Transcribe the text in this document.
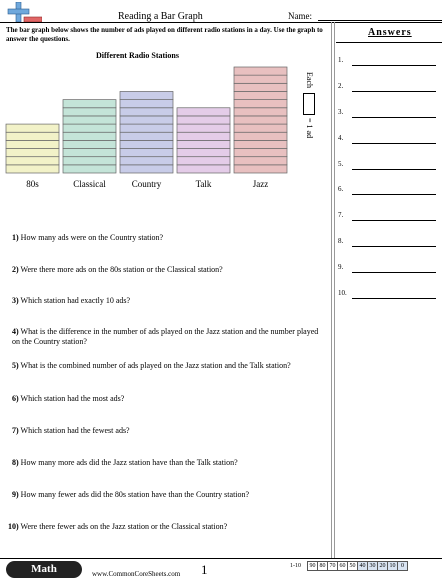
Reading a Bar Graph	Name:
The bar graph below shows the number of ads played on different radio stations in a day. Use the graph to answer the questions.
Different Radio Stations
80s	Classical	Country	Talk	Jazz
Each
= 1 ad
Answers
1.
2.
3.
4.
5.
6.
7.
8.
9.
10.
1) How many ads were on the Country station?
2) Were there more ads on the 80s station or the Classical station?
3) Which station had exactly 10 ads?
4) What is the difference in the number of ads played on the Jazz station and the number played on the Country station?
5) What is the combined number of ads played on the Jazz station and the Talk station?
6) Which station had the most ads?
7) Which station had the fewest ads?
8) How many more ads did the Jazz station have than the Talk station?
9) How many fewer ads did the 80s station have than the Country station?
10) Were there fewer ads on the Jazz station or the Classical station?
Math	www.CommonCoreSheets.com 1	1-10	90 80 70 60 50 40 30 20 10 0
